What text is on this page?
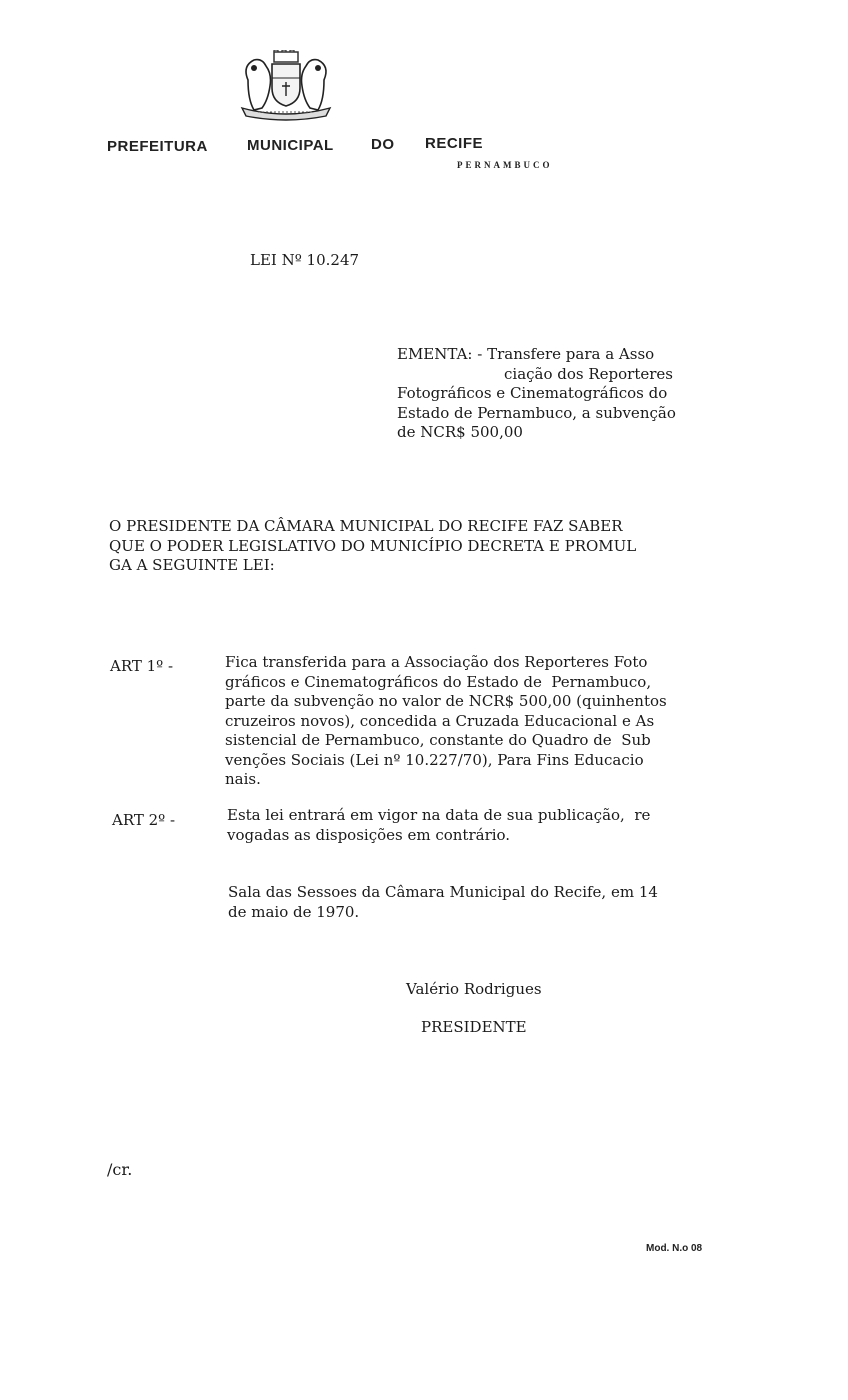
PREFEITURA	MUNICIPAL DO RECIFE
PERNAMBUCO
LEI Nº 10.247
EMENTA: - Transfere para a Asso
ciação dos Reporteres
Fotográficos e Cinematográficos do
Estado de Pernambuco, a subvenção
de NCR$ 500,00
O PRESIDENTE DA CÂMARA MUNICIPAL DO RECIFE FAZ SABER
QUE O PODER LEGISLATIVO DO MUNICÍPIO DECRETA E PROMUL
GA A SEGUINTE LEI:
ART 1º -	Fica transferida para a Associação dos Reporteres Foto
gráficos e Cinematográficos do Estado de  Pernambuco,
parte da subvenção no valor de NCR$ 500,00 (quinhentos
cruzeiros novos), concedida a Cruzada Educacional e As
sistencial de Pernambuco, constante do Quadro de  Sub
venções Sociais (Lei nº 10.227/70), Para Fins Educacio
nais.
ART 2º -	Esta lei entrará em vigor na data de sua publicação,  re
vogadas as disposições em contrário.
Sala das Sessoes da Câmara Municipal do Recife, em 14
de maio de 1970.
Valério Rodrigues
PRESIDENTE
/cr.
Mod. N.o 08
